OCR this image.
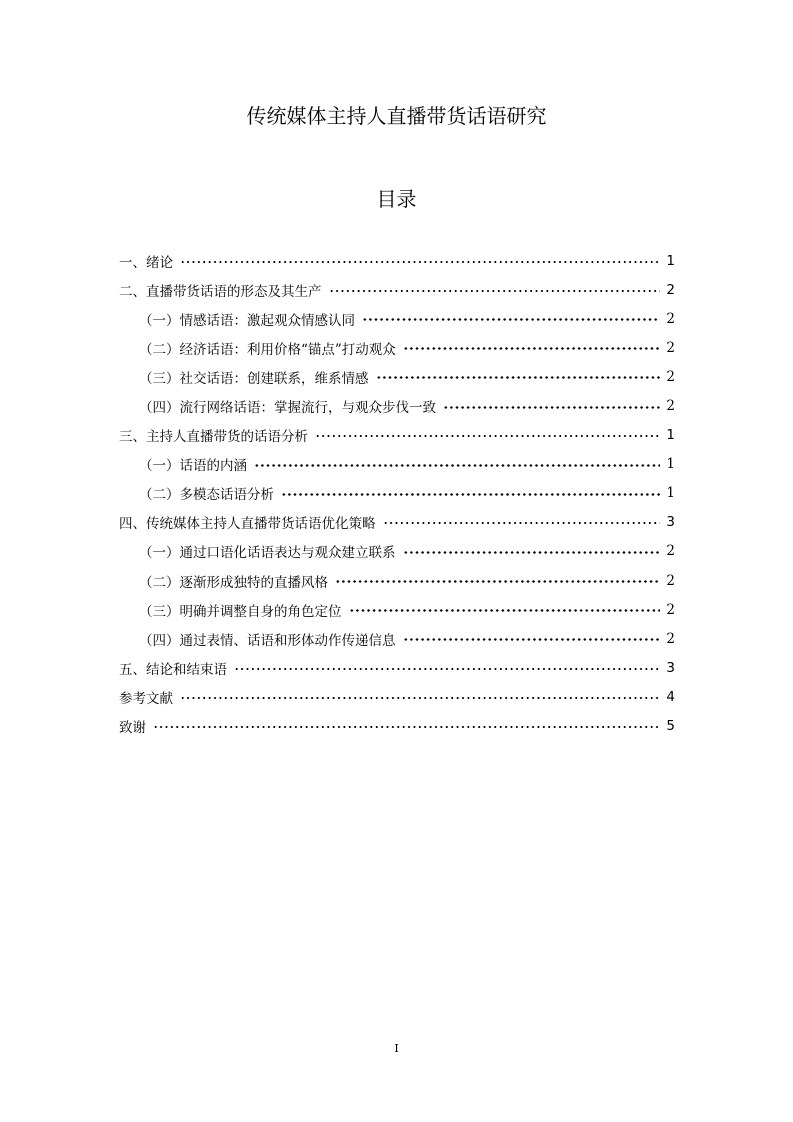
传统媒体主持人直播带货话语研究
目录
一、绪论	1
二、直播带货话语的形态及其生产	2
（一）情感话语：激起观众情感认同	2
（二）经济话语：利用价格“锚点”打动观众	2
（三）社交话语：创建联系，维系情感	2
（四）流行网络话语：掌握流行，与观众步伐一致	2
三、主持人直播带货的话语分析	1
（一）话语的内涵	1
（二）多模态话语分析	1
四、传统媒体主持人直播带货话语优化策略	3
（一）通过口语化话语表达与观众建立联系	2
（二）逐渐形成独特的直播风格	2
（三）明确并调整自身的角色定位	2
（四）通过表情、话语和形体动作传递信息	2
五、结论和结束语	3
参考文献	4
致谢	5
I
